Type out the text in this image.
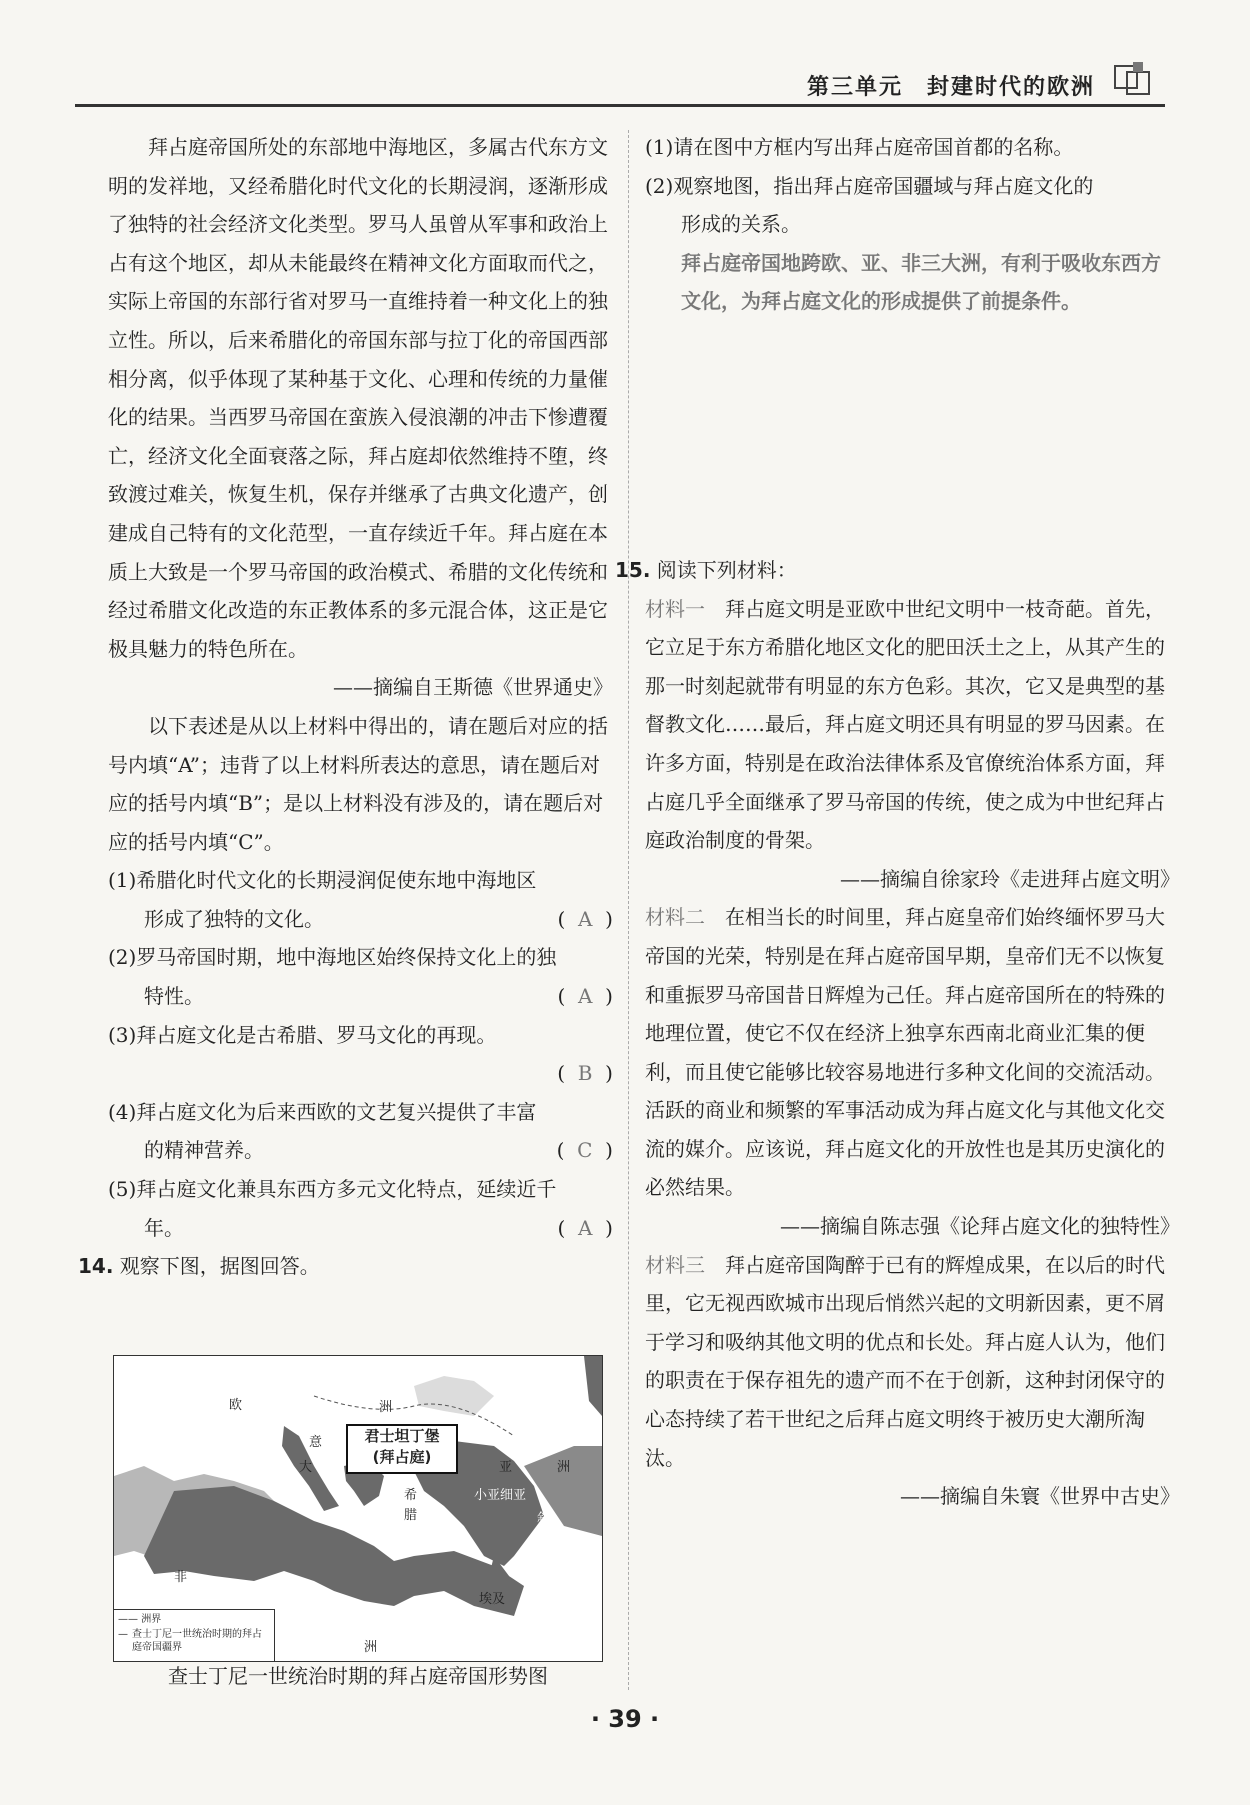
第三单元　封建时代的欧洲

拜占庭帝国所处的东部地中海地区，多属古代东方文明的发祥地，又经希腊化时代文化的长期浸润，逐渐形成了独特的社会经济文化类型。罗马人虽曾从军事和政治上占有这个地区，却从未能最终在精神文化方面取而代之，实际上帝国的东部行省对罗马一直维持着一种文化上的独立性。所以，后来希腊化的帝国东部与拉丁化的帝国西部相分离，似乎体现了某种基于文化、心理和传统的力量催化的结果。当西罗马帝国在蛮族入侵浪潮的冲击下惨遭覆亡，经济文化全面衰落之际，拜占庭却依然维持不堕，终致渡过难关，恢复生机，保存并继承了古典文化遗产，创建成自己特有的文化范型，一直存续近千年。拜占庭在本质上大致是一个罗马帝国的政治模式、希腊的文化传统和经过希腊文化改造的东正教体系的多元混合体，这正是它极具魅力的特色所在。

——摘编自王斯德《世界通史》

以下表述是从以上材料中得出的，请在题后对应的括号内填“A”；违背了以上材料所表达的意思，请在题后对应的括号内填“B”；是以上材料没有涉及的，请在题后对应的括号内填“C”。

(1)希腊化时代文化的长期浸润促使东地中海地区

形成了独特的文化。	(  A  )

(2)罗马帝国时期，地中海地区始终保持文化上的独

特性。	(  A  )

(3)拜占庭文化是古希腊、罗马文化的再现。

(  B  )

(4)拜占庭文化为后来西欧的文艺复兴提供了丰富

的精神营养。	(  C  )

(5)拜占庭文化兼具东西方多元文化特点，延续近千

年。	(  A  )

14. 观察下图，据图回答。

欧	洲
亚	洲
非
洲
意
大
希
腊
小亚细亚
叙利亚
埃及
君士坦丁堡
(拜占庭)
—— 洲界
— 查士丁尼一世统治时期的拜占庭帝国疆界
查士丁尼一世统治时期的拜占庭帝国形势图

(1)请在图中方框内写出拜占庭帝国首都的名称。

(2)观察地图，指出拜占庭帝国疆域与拜占庭文化的

形成的关系。

拜占庭帝国地跨欧、亚、非三大洲，有利于吸收东西方文化，为拜占庭文化的形成提供了前提条件。

15. 阅读下列材料：

材料一　 拜占庭文明是亚欧中世纪文明中一枝奇葩。首先，它立足于东方希腊化地区文化的肥田沃土之上，从其产生的那一时刻起就带有明显的东方色彩。其次，它又是典型的基督教文化……最后，拜占庭文明还具有明显的罗马因素。在许多方面，特别是在政治法律体系及官僚统治体系方面，拜占庭几乎全面继承了罗马帝国的传统，使之成为中世纪拜占庭政治制度的骨架。

——摘编自徐家玲《走进拜占庭文明》

材料二　 在相当长的时间里，拜占庭皇帝们始终缅怀罗马大帝国的光荣，特别是在拜占庭帝国早期，皇帝们无不以恢复和重振罗马帝国昔日辉煌为己任。拜占庭帝国所在的特殊的地理位置，使它不仅在经济上独享东西南北商业汇集的便利，而且使它能够比较容易地进行多种文化间的交流活动。活跃的商业和频繁的军事活动成为拜占庭文化与其他文化交流的媒介。应该说，拜占庭文化的开放性也是其历史演化的必然结果。

——摘编自陈志强《论拜占庭文化的独特性》

材料三　 拜占庭帝国陶醉于已有的辉煌成果，在以后的时代里，它无视西欧城市出现后悄然兴起的文明新因素，更不屑于学习和吸纳其他文明的优点和长处。拜占庭人认为，他们的职责在于保存祖先的遗产而不在于创新，这种封闭保守的心态持续了若干世纪之后拜占庭文明终于被历史大潮所淘汰。

——摘编自朱寰《世界中古史》

· 39 ·
